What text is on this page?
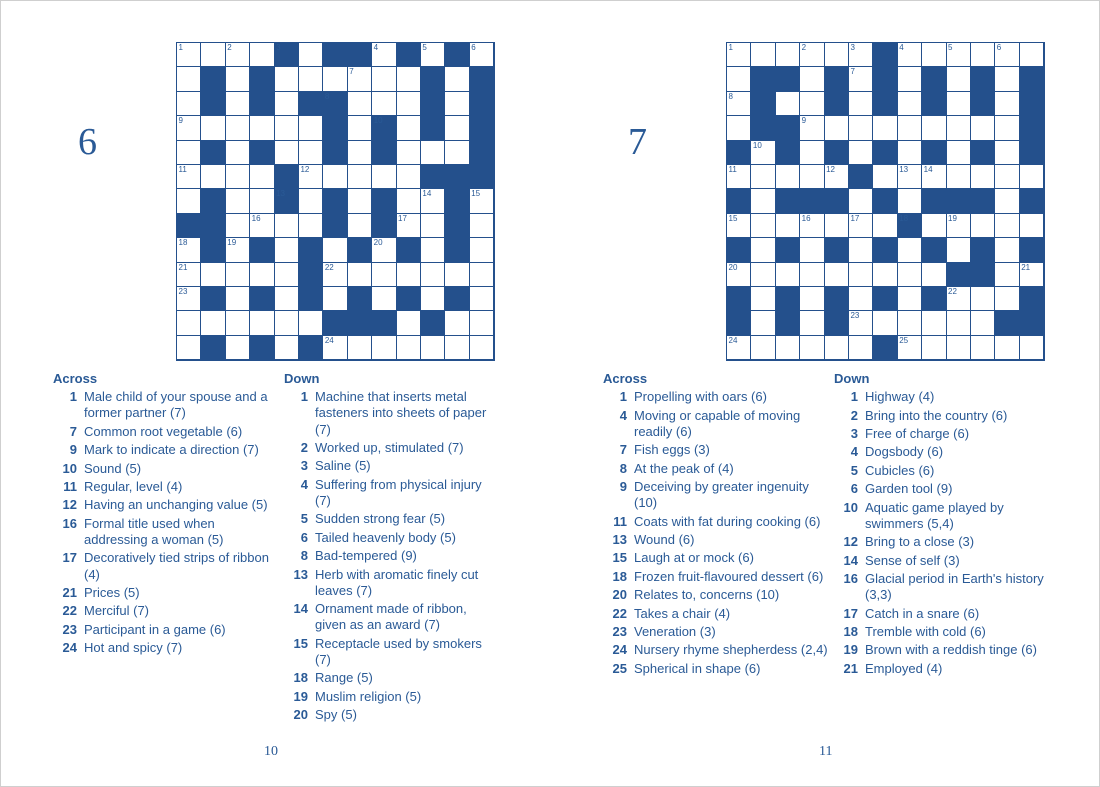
6
1	2	3	4	5	6
7
8
9	10
11	12
13	14	15
16	17
18	19	20
21	22
23
24
Across
1 Male child of your spouse and a former partner (7)
7 Common root vegetable (6)
9 Mark to indicate a direction (7)
10 Sound (5)
11 Regular, level (4)
12 Having an unchanging value (5)
16 Formal title used when addressing a woman (5)
17 Decoratively tied strips of ribbon (4)
21 Prices (5)
22 Merciful (7)
23 Participant in a game (6)
24 Hot and spicy (7)
Down
1 Machine that inserts metal fasteners into sheets of paper (7)
2 Worked up, stimulated (7)
3 Saline (5)
4 Suffering from physical injury (7)
5 Sudden strong fear (5)
6 Tailed heavenly body (5)
8 Bad-tempered (9)
13 Herb with aromatic finely cut leaves (7)
14 Ornament made of ribbon, given as an award (7)
15 Receptacle used by smokers (7)
18 Range (5)
19 Muslim religion (5)
20 Spy (5)
10
7
1	2	3	4	5	6
7
8
9
10
11	12	13 14
15	16	17	18	19
20	21
22
23
24	25
Across
1 Propelling with oars (6)
4 Moving or capable of moving readily (6)
7 Fish eggs (3)
8 At the peak of (4)
9 Deceiving by greater ingenuity (10)
11 Coats with fat during cooking (6)
13 Wound (6)
15 Laugh at or mock (6)
18 Frozen fruit-flavoured dessert (6)
20 Relates to, concerns (10)
22 Takes a chair (4)
23 Veneration (3)
24 Nursery rhyme shepherdess (2,4)
25 Spherical in shape (6)
Down
1 Highway (4)
2 Bring into the country (6)
3 Free of charge (6)
4 Dogsbody (6)
5 Cubicles (6)
6 Garden tool (9)
10 Aquatic game played by swimmers (5,4)
12 Bring to a close (3)
14 Sense of self (3)
16 Glacial period in Earth's history (3,3)
17 Catch in a snare (6)
18 Tremble with cold (6)
19 Brown with a reddish tinge (6)
21 Employed (4)
11
